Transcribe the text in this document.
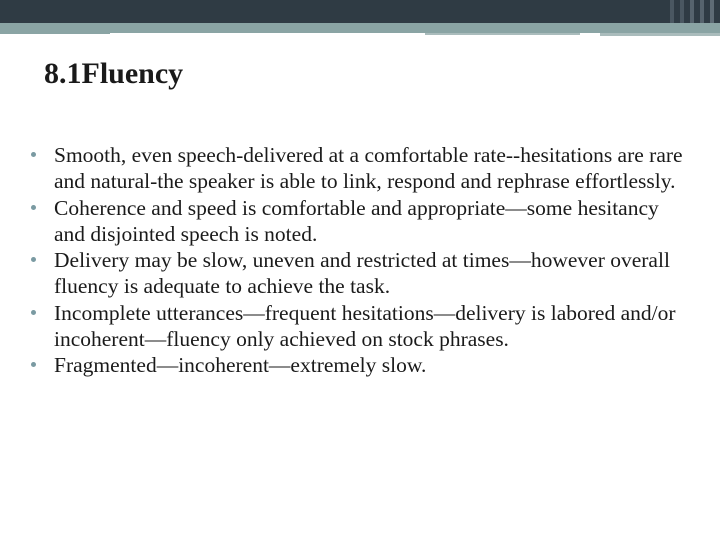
8.1Fluency
Smooth, even speech-delivered at a comfortable rate--hesitations are rare and natural-the speaker is able to link, respond and rephrase effortlessly.
Coherence and speed is comfortable and appropriate—some hesitancy and disjointed speech is noted.
Delivery may be slow, uneven and restricted at times—however overall fluency is adequate to achieve the task.
Incomplete utterances—frequent hesitations—delivery is labored and/or incoherent—fluency only achieved on stock phrases.
Fragmented—incoherent—extremely slow.
